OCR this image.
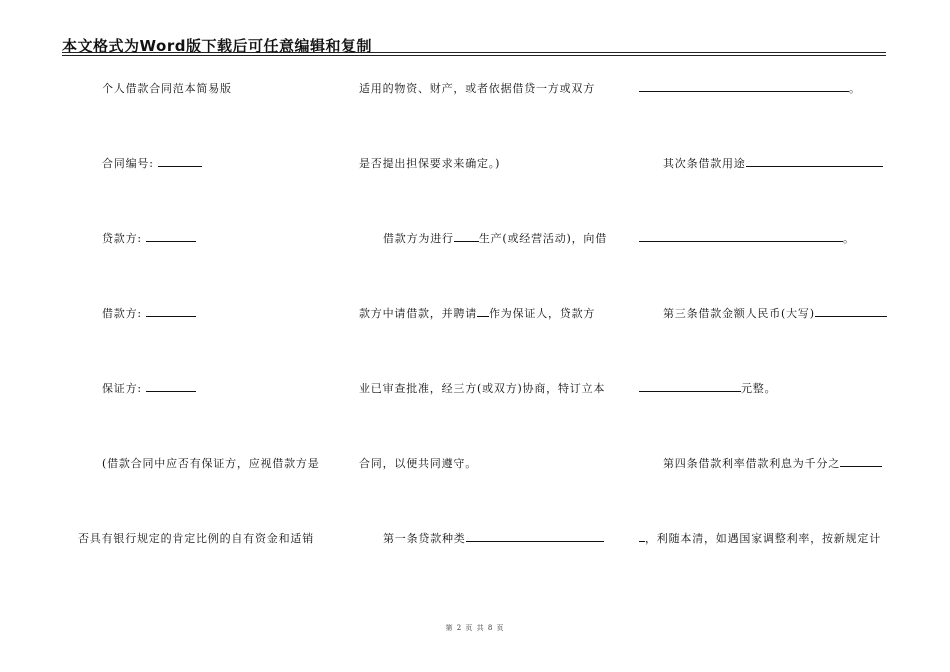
本文格式为Word版下载后可任意编辑和复制
个人借款合同范本简易版
合同编号:
贷款方:
借款方:
保证方:
(借款合同中应否有保证方，应视借款方是
否具有银行规定的肯定比例的自有资金和适销
适用的物资、财产，或者依据借贷一方或双方
是否提出担保要求来确定。)
借款方为进行 生产(或经营活动)，向借
款方中请借款，并聘请 作为保证人，贷款方
业已审查批准，经三方(或双方)协商，特订立本
合同，以便共同遵守。
第一条贷款种类
。
其次条借款用途
。
第三条借款金额人民币(大写)
元整。
第四条借款利率借款利息为千分之
，利随本清，如遇国家调整利率，按新规定计
第 2 页 共 8 页
